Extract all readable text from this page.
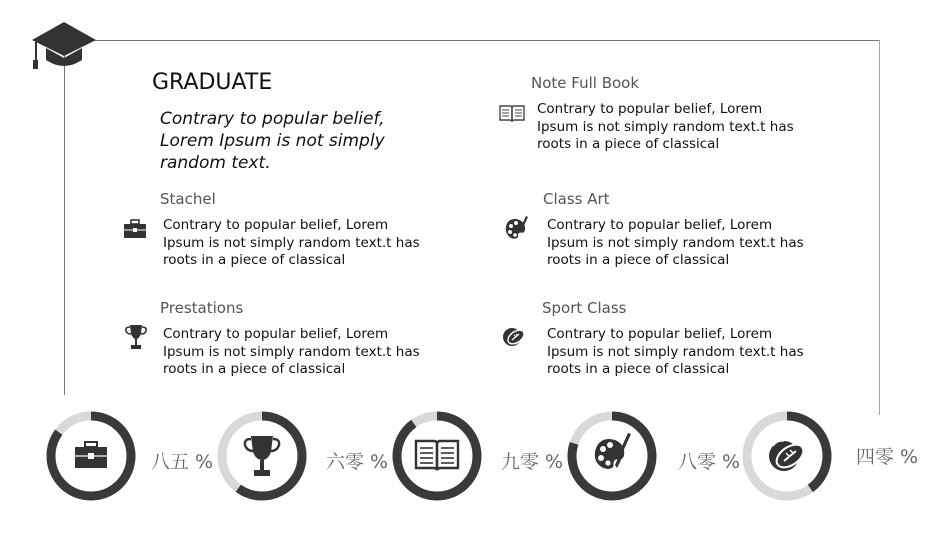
GRADUATE
Contrary to popular belief, Lorem Ipsum is not simply random text.
Note Full Book
Contrary to popular belief, Lorem Ipsum is not simply random text.t has roots in a piece of classical
Stachel
Contrary to popular belief, Lorem Ipsum is not simply random text.t has roots in a piece of classical
Class Art
Contrary to popular belief, Lorem Ipsum is not simply random text.t has roots in a piece of classical
Prestations
Contrary to popular belief, Lorem Ipsum is not simply random text.t has roots in a piece of classical
Sport Class
Contrary to popular belief, Lorem Ipsum is not simply random text.t has roots in a piece of classical
八五 %	六零 %	九零 %	八零 %	四零 %
